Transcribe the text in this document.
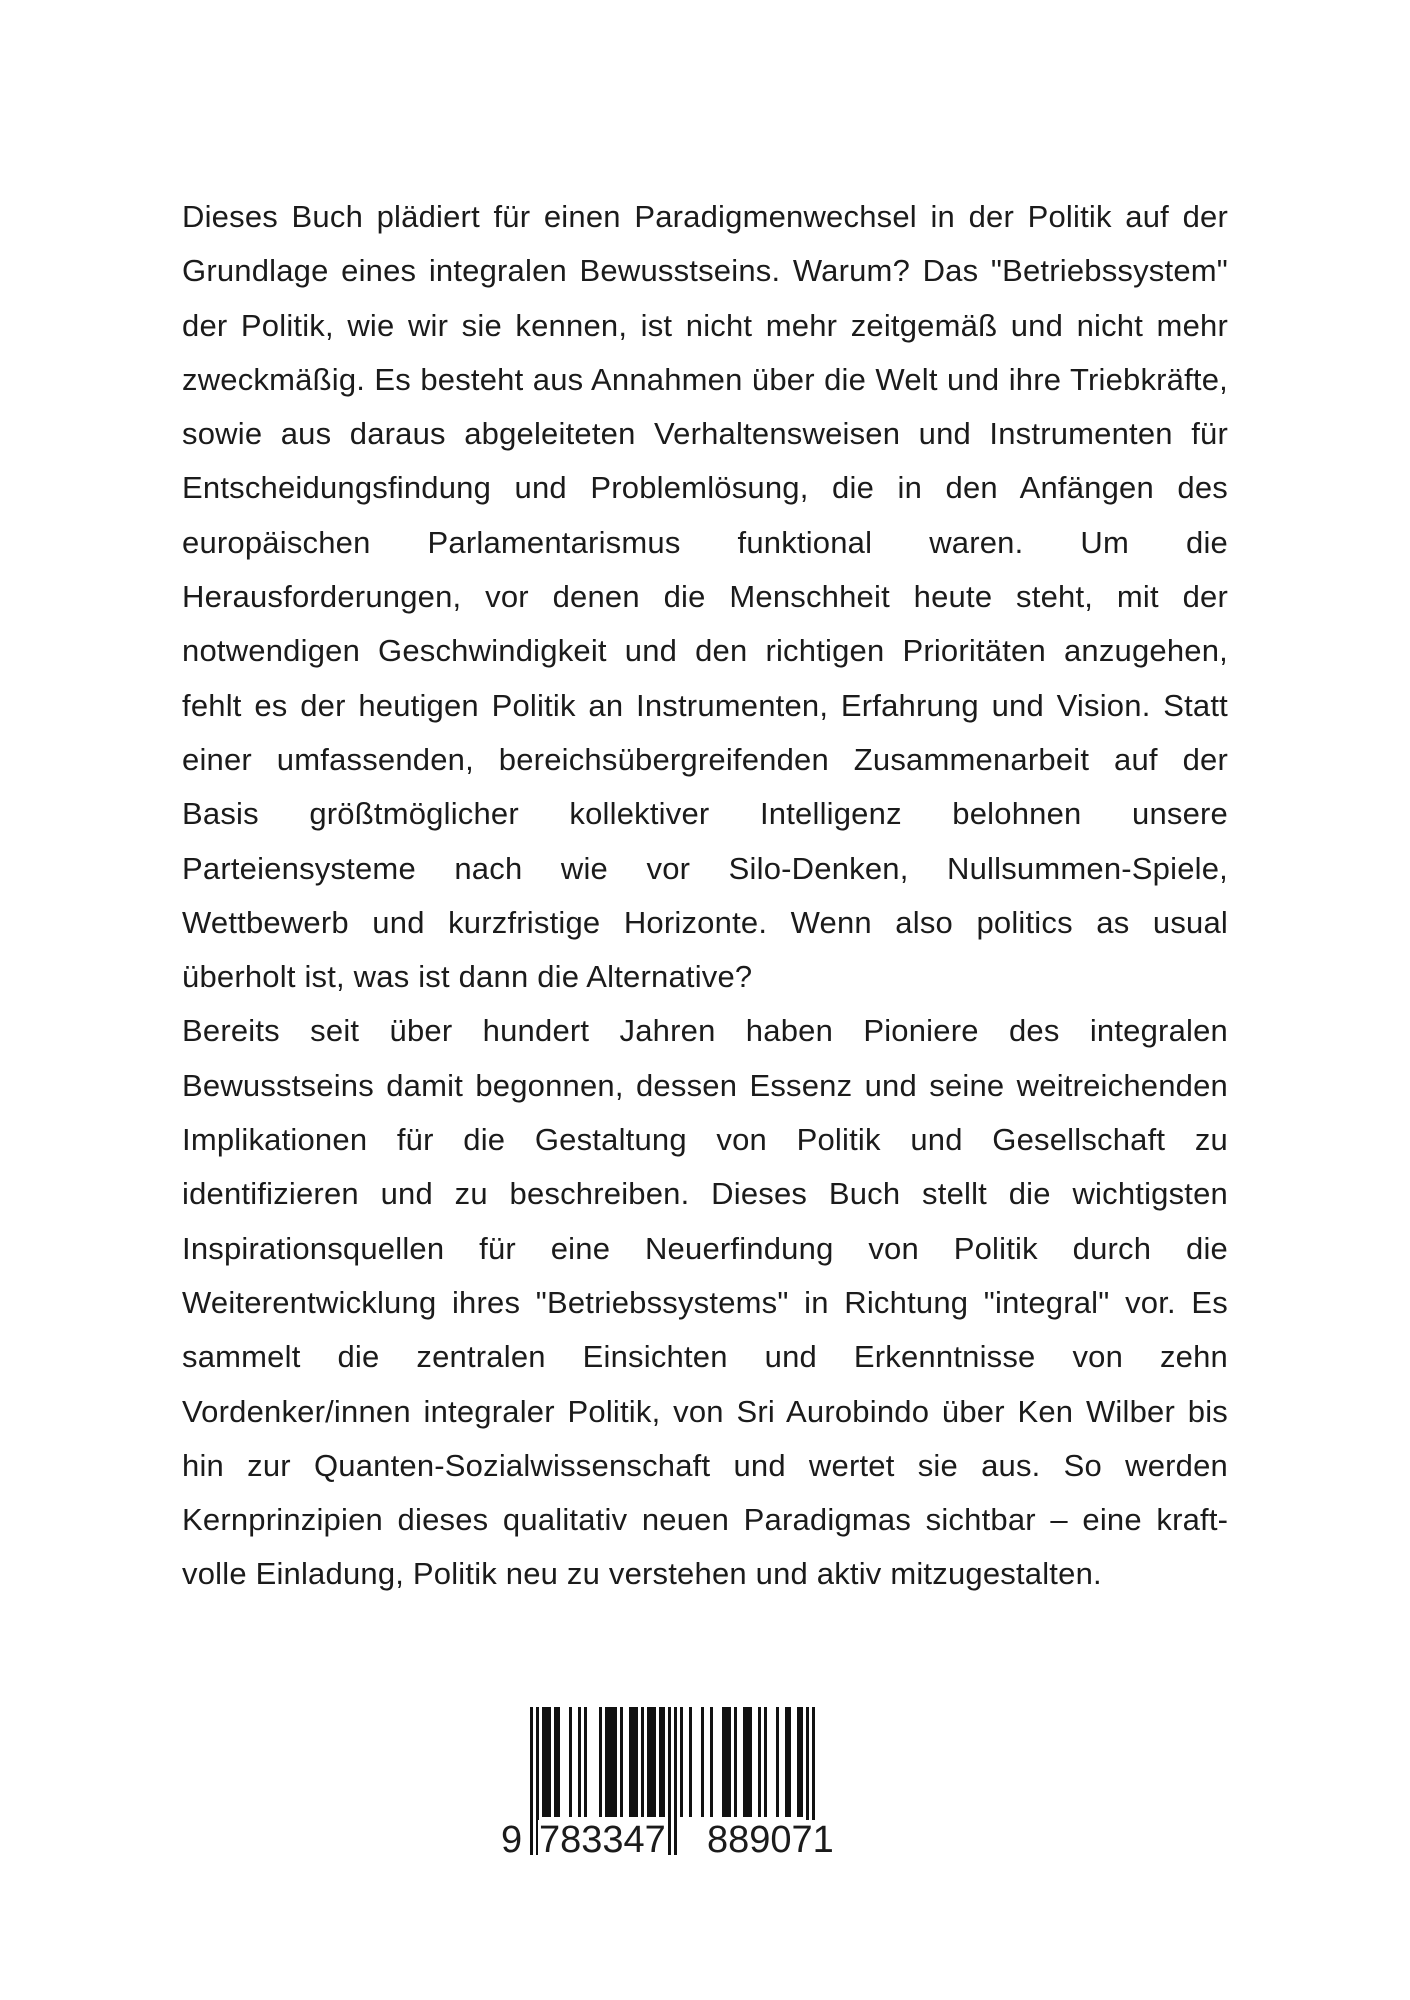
Dieses Buch plädiert für einen Paradigmenwechsel in der Politik auf der Grundlage eines integralen Bewusstseins. Warum? Das "Betriebssystem" der Politik, wie wir sie kennen, ist nicht mehr zeitgemäß und nicht mehr zweckmäßig. Es besteht aus Annahmen über die Welt und ihre Triebkräfte, sowie aus daraus abgeleiteten Verhaltensweisen und Instrumenten für Entscheidungsfindung und Problemlösung, die in den Anfängen des europäischen Parlamentarismus funktional waren. Um die Herausforderungen, vor denen die Menschheit heute steht, mit der notwendigen Geschwindigkeit und den richtigen Prioritäten anzugehen, fehlt es der heutigen Politik an Instrumenten, Erfahrung und Vision. Statt einer umfassenden, bereichsübergreifenden Zusammenarbeit auf der Basis größtmöglicher kollektiver Intelligenz belohnen unsere Parteiensysteme nach wie vor Silo-Denken, Nullsummen-Spiele, Wettbewerb und kurzfristige Horizonte. Wenn also politics as usual überholt ist, was ist dann die Alternative?

Bereits seit über hundert Jahren haben Pioniere des integralen Bewusstseins damit begonnen, dessen Essenz und seine weitreichenden Implikationen für die Gestaltung von Politik und Gesellschaft zu identifizieren und zu beschreiben. Dieses Buch stellt die wichtigsten Inspirationsquellen für eine Neuerfindung von Politik durch die Weiterentwicklung ihres "Betriebssystems" in Richtung "integral" vor. Es sammelt die zentralen Einsichten und Erkenntnisse von zehn Vordenker/innen integraler Politik, von Sri Aurobindo über Ken Wilber bis hin zur Quanten-Sozialwissenschaft und wertet sie aus. So werden Kernprinzipien dieses qualitativ neuen Paradigmas sichtbar – eine kraftvolle Einladung, Politik neu zu verstehen und aktiv mitzugestalten.

9 783347 889071
